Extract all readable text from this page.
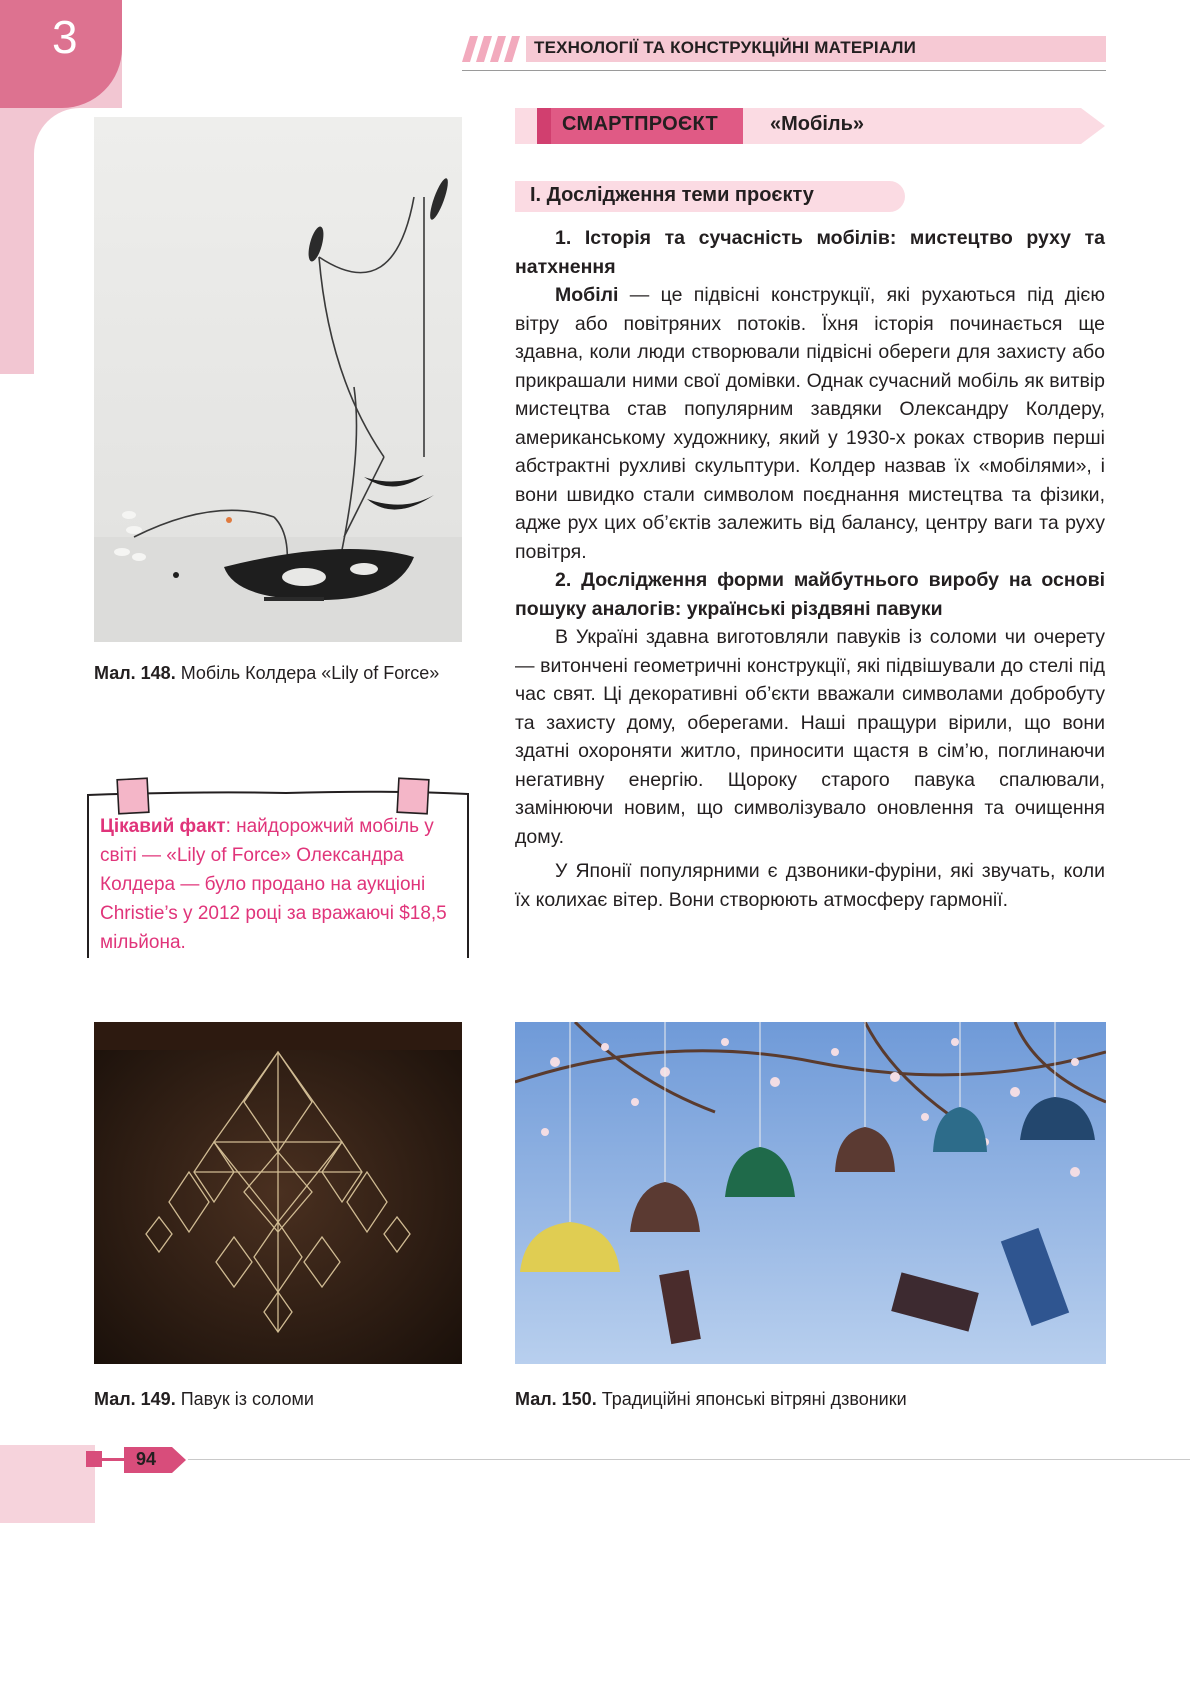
3	ТЕХНОЛОГІЇ ТА КОНСТРУКЦІЙНІ МАТЕРІАЛИ
СМАРТПРОЄКТ	«Мобіль»
І. Дослідження теми проєкту

1. Історія та сучасність мобілів: мистецтво руху та натхнення

Мобілі — це підвісні конструкції, які рухаються під дією вітру або повітряних потоків. Їхня історія починається ще здавна, коли люди створювали підвісні обереги для захисту або прикрашали ними свої домівки. Однак сучасний мобіль як витвір мистецтва став популярним завдяки Олександру Колдеру, американському художнику, який у 1930-х роках створив перші абстрактні рухливі скульптури. Колдер назвав їх «мобілями», і вони швидко стали символом поєднання мистецтва та фізики, адже рух цих об’єктів залежить від балансу, центру ваги та руху повітря.

2. Дослідження форми майбутнього виробу на основі пошуку аналогів: українські різдвяні павуки

В Україні здавна виготовляли павуків із соломи чи очерету — витончені геометричні конструкції, які підвішували до стелі під час свят. Ці декоративні об’єкти вважали символами добробуту та захисту дому, оберегами. Наші пращури вірили, що вони здатні охороняти житло, приносити щастя в сім’ю, поглинаючи негативну енергію. Щороку старого павука спалювали, замінюючи новим, що символізувало оновлення та очищення дому.

У Японії популярними є дзвоники-фуріни, які звучать, коли їх колихає вітер. Вони створюють атмосферу гармонії.

Мал. 148. Мобіль Колдера «Lily of Force»
Цікавий факт: найдорожчий мобіль у світі — «Lily of Force» Олександра Колдера — було продано на аукціоні Christie’s у 2012 році за вражаючі $18,5 мільйона.
Мал. 149. Павук із соломи	Мал. 150. Традиційні японські вітряні дзвоники
94
